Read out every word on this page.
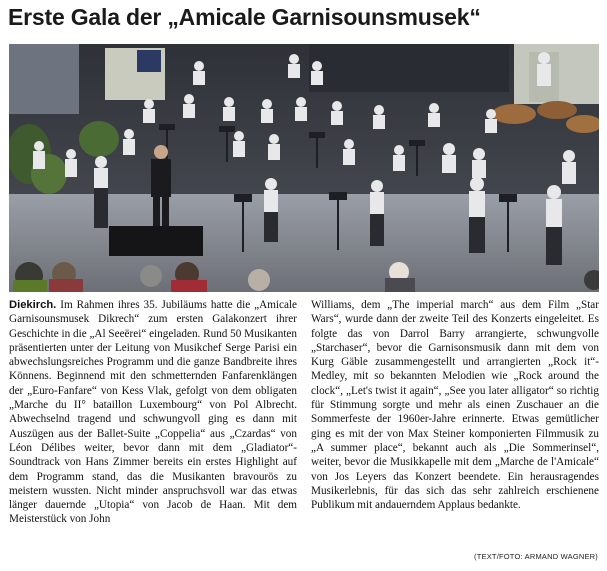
Erste Gala der „Amicale Garnisounsmusek“
Diekirch. Im Rahmen ihres 35. Jubiläums hatte die „Amicale Garnisounsmusek Dikrech“ zum ersten Galakonzert ihrer Geschichte in die „Al Seeërei“ eingeladen. Rund 50 Musikanten präsentierten unter der Leitung von Musikchef Serge Parisi ein abwechslungsreiches Programm und die ganze Bandbreite ihres Könnens. Beginnend mit den schmetternden Fanfarenklängen der „Euro-Fanfare“ von Kess Vlak, gefolgt von dem obligaten „Marche du II° bataillon Luxembourg“ von Pol Albrecht. Abwechselnd tragend und schwungvoll ging es dann mit Auszügen aus der Ballet-Suite „Coppelia“ aus „Czardas“ von Léon Délibes weiter, bevor dann mit dem „Gladiator“-Soundtrack von Hans Zimmer bereits ein erstes Highlight auf dem Programm stand, das die Musikanten bravourös zu meistern wussten. Nicht minder anspruchsvoll war das etwas länger dauernde „Utopia“ von Jacob de Haan. Mit dem Meisterstück von John
Williams, dem „The imperial march“ aus dem Film „Star Wars“, wurde dann der zweite Teil des Konzerts eingeleitet. Es folgte das von Darrol Barry arrangierte, schwungvolle „Starchaser“, bevor die Garnisonsmusik dann mit dem von Kurg Gäble zusammengestellt und arrangierten „Rock it“-Medley, mit so bekannten Melodien wie „Rock around the clock“, „Let's twist it again“, „See you later alligator“ so richtig für Stimmung sorgte und mehr als einen Zuschauer an die Sommerfeste der 1960er-Jahre erinnerte. Etwas gemütlicher ging es mit der von Max Steiner komponierten Filmmusik zu „A summer place“, bekannt auch als „Die Sommerinsel“, weiter, bevor die Musikkapelle mit dem „Marche de l'Amicale“ von Jos Leyers das Konzert beendete. Ein herausragendes Musikerlebnis, für das sich das sehr zahlreich erschienene Publikum mit andauerndem Applaus bedankte.
(TEXT/FOTO: ARMAND WAGNER)
